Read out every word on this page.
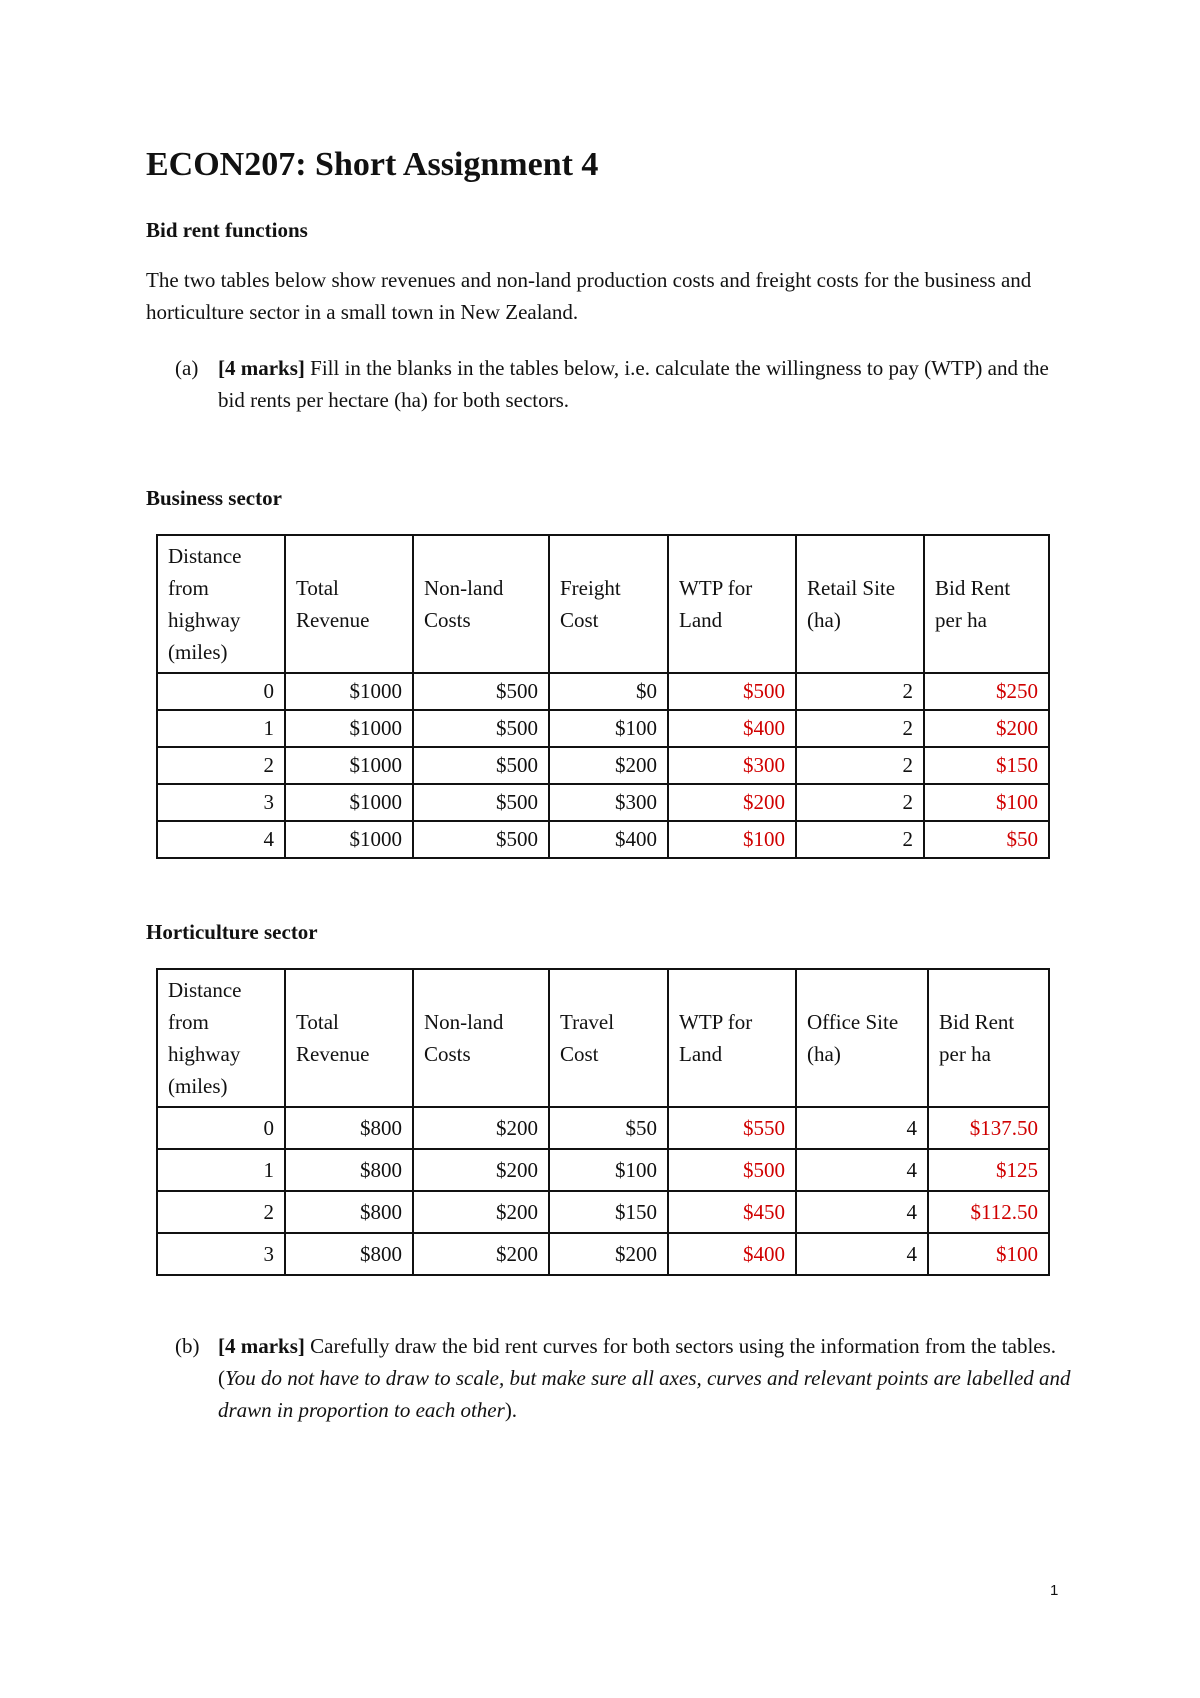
ECON207: Short Assignment 4
Bid rent functions
The two tables below show revenues and non-land production costs and freight costs for the business and horticulture sector in a small town in New Zealand.
(a) [4 marks] Fill in the blanks in the tables below, i.e. calculate the willingness to pay (WTP) and the bid rents per hectare (ha) for both sectors.
Business sector
Distance from highway (miles)	Total Revenue	Non-land Costs	Freight Cost	WTP for Land	Retail Site (ha)	Bid Rent per ha
0	$1000	$500	$0	$500	2	$250
1	$1000	$500	$100	$400	2	$200
2	$1000	$500	$200	$300	2	$150
3	$1000	$500	$300	$200	2	$100
4	$1000	$500	$400	$100	2	$50
Horticulture sector
Distance from highway (miles)	Total Revenue	Non-land Costs	Travel Cost	WTP for Land	Office Site (ha)	Bid Rent per ha
0	$800	$200	$50	$550	4	$137.50
1	$800	$200	$100	$500	4	$125
2	$800	$200	$150	$450	4	$112.50
3	$800	$200	$200	$400	4	$100
(b) [4 marks] Carefully draw the bid rent curves for both sectors using the information from the tables. (You do not have to draw to scale, but make sure all axes, curves and relevant points are labelled and drawn in proportion to each other).
1
